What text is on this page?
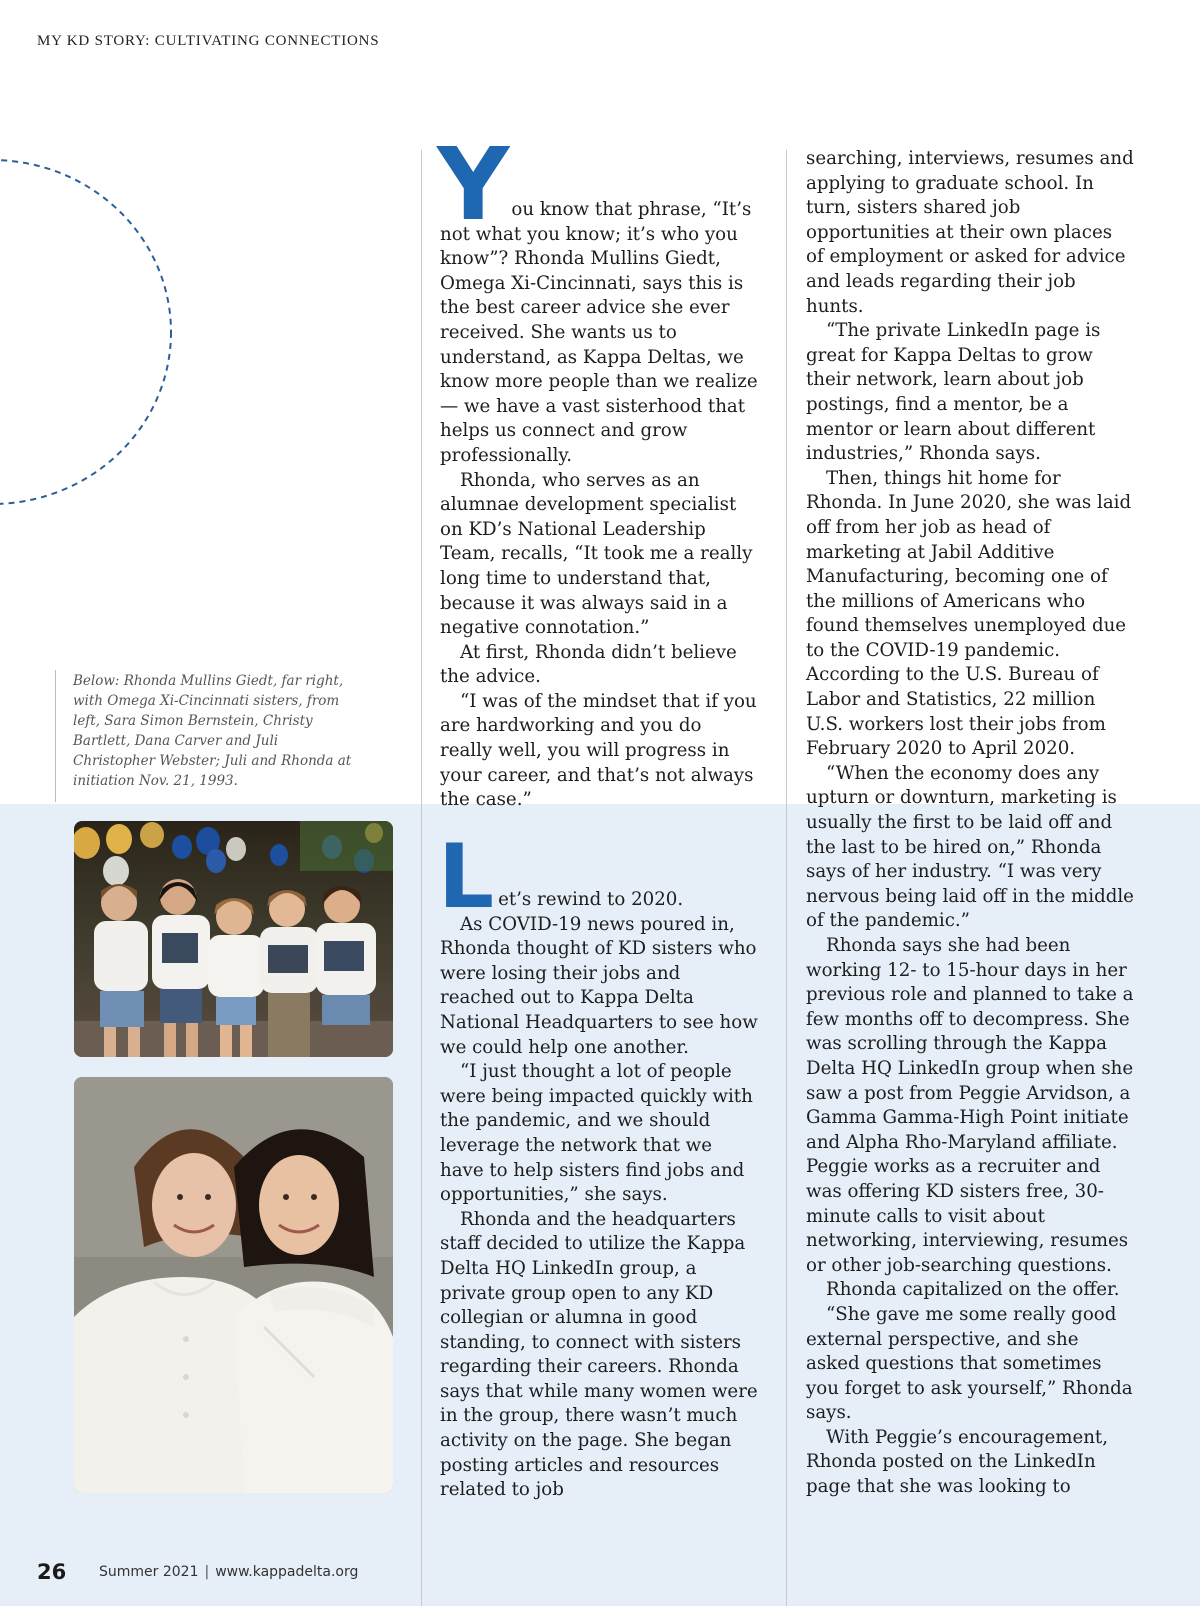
MY KD STORY: CULTIVATING CONNECTIONS
Below: Rhonda Mullins Giedt, far right, with Omega Xi-Cincinnati sisters, from left, Sara Simon Bernstein, Christy Bartlett, Dana Carver and Juli Christopher Webster; Juli and Rhonda at initiation Nov. 21, 1993.

You know that phrase, “It’s not what you know; it’s who you know”? Rhonda Mullins Giedt, Omega Xi-Cincinnati, says this is the best career advice she ever received. She wants us to understand, as Kappa Deltas, we know more people than we realize — we have a vast sisterhood that helps us connect and grow professionally.

Rhonda, who serves as an alumnae development specialist on KD’s National Leadership Team, recalls, “It took me a really long time to understand that, because it was always said in a negative connotation.”

At first, Rhonda didn’t believe the advice.

“I was of the mindset that if you are hardworking and you do really well, you will progress in your career, and that’s not always the case.”

Let’s rewind to 2020.

As COVID-19 news poured in, Rhonda thought of KD sisters who were losing their jobs and reached out to Kappa Delta National Headquarters to see how we could help one another.

“I just thought a lot of people were being impacted quickly with the pandemic, and we should leverage the network that we have to help sisters find jobs and opportunities,” she says.

Rhonda and the headquarters staff decided to utilize the Kappa Delta HQ LinkedIn group, a private group open to any KD collegian or alumna in good standing, to connect with sisters regarding their careers. Rhonda says that while many women were in the group, there wasn’t much activity on the page. She began posting articles and resources related to job

searching, interviews, resumes and applying to graduate school. In turn, sisters shared job opportunities at their own places of employment or asked for advice and leads regarding their job hunts.

“The private LinkedIn page is great for Kappa Deltas to grow their network, learn about job postings, find a mentor, be a mentor or learn about different industries,” Rhonda says.

Then, things hit home for Rhonda. In June 2020, she was laid off from her job as head of marketing at Jabil Additive Manufacturing, becoming one of the millions of Americans who found themselves unemployed due to the COVID-19 pandemic. According to the U.S. Bureau of Labor and Statistics, 22 million U.S. workers lost their jobs from February 2020 to April 2020.

“When the economy does any upturn or downturn, marketing is usually the first to be laid off and the last to be hired on,” Rhonda says of her industry. “I was very nervous being laid off in the middle of the pandemic.”

Rhonda says she had been working 12- to 15-hour days in her previous role and planned to take a few months off to decompress. She was scrolling through the Kappa Delta HQ LinkedIn group when she saw a post from Peggie Arvidson, a Gamma Gamma-High Point initiate and Alpha Rho-Maryland affiliate. Peggie works as a recruiter and was offering KD sisters free, 30-minute calls to visit about networking, interviewing, resumes or other job-searching questions.

Rhonda capitalized on the offer.

“She gave me some really good external perspective, and she asked questions that sometimes you forget to ask yourself,” Rhonda says.

With Peggie’s encouragement, Rhonda posted on the LinkedIn page that she was looking to

26 Summer 2021 | www.kappadelta.org
